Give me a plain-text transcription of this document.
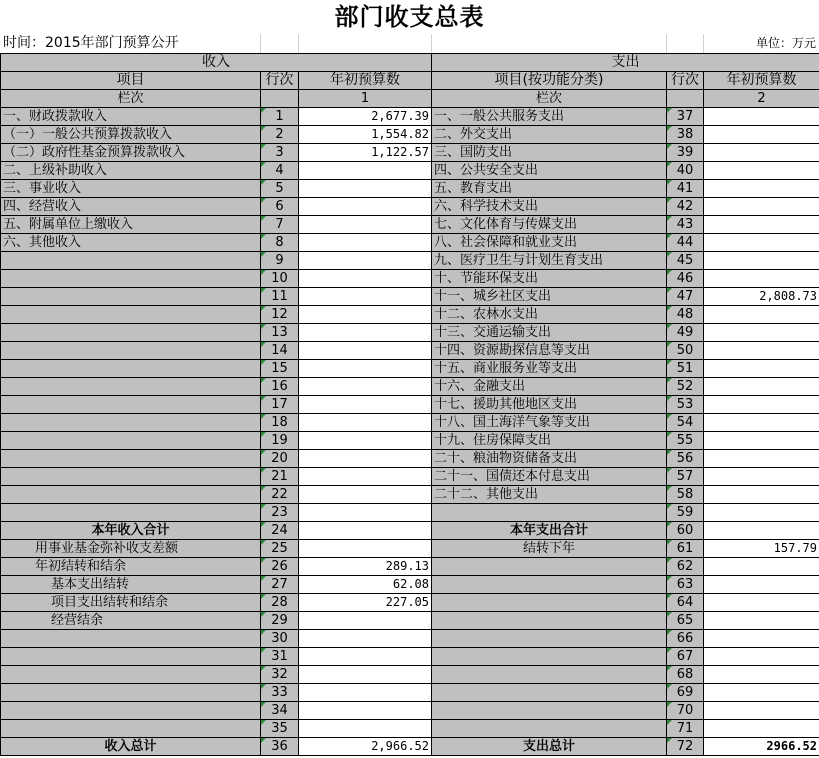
部门收支总表
时间：2015年部门预算公开	单位：万元
收入			支出		
项目	行次	年初预算数	项目(按功能分类)	行次	年初预算数
栏次		1	栏次		2
一、财政拨款收入	1	2,677.39	一、一般公共服务支出	37	
（一）一般公共预算拨款收入	2	1,554.82	二、外交支出	38	
（二）政府性基金预算拨款收入	3	1,122.57	三、国防支出	39	
二、上级补助收入	4		四、公共安全支出	40	
三、事业收入	5		五、教育支出	41	
四、经营收入	6		六、科学技术支出	42	
五、附属单位上缴收入	7		七、文化体育与传媒支出	43	
六、其他收入	8		八、社会保障和就业支出	44	
	9		九、医疗卫生与计划生育支出	45	
	10		十、节能环保支出	46	
	11		十一、城乡社区支出	47	2,808.73
	12		十二、农林水支出	48	
	13		十三、交通运输支出	49	
	14		十四、资源勘探信息等支出	50	
	15		十五、商业服务业等支出	51	
	16		十六、金融支出	52	
	17		十七、援助其他地区支出	53	
	18		十八、国土海洋气象等支出	54	
	19		十九、住房保障支出	55	
	20		二十、粮油物资储备支出	56	
	21		二十一、国债还本付息支出	57	
	22		二十二、其他支出	58	
	23			59	
本年收入合计	24		本年支出合计	60	
用事业基金弥补收支差额	25		结转下年	61	157.79
年初结转和结余	26	289.13		62	
基本支出结转	27	62.08		63	
项目支出结转和结余	28	227.05		64	
经营结余	29			65	
	30			66	
	31			67	
	32			68	
	33			69	
	34			70	
	35			71	
收入总计	36	2,966.52	支出总计	72	2966.52
